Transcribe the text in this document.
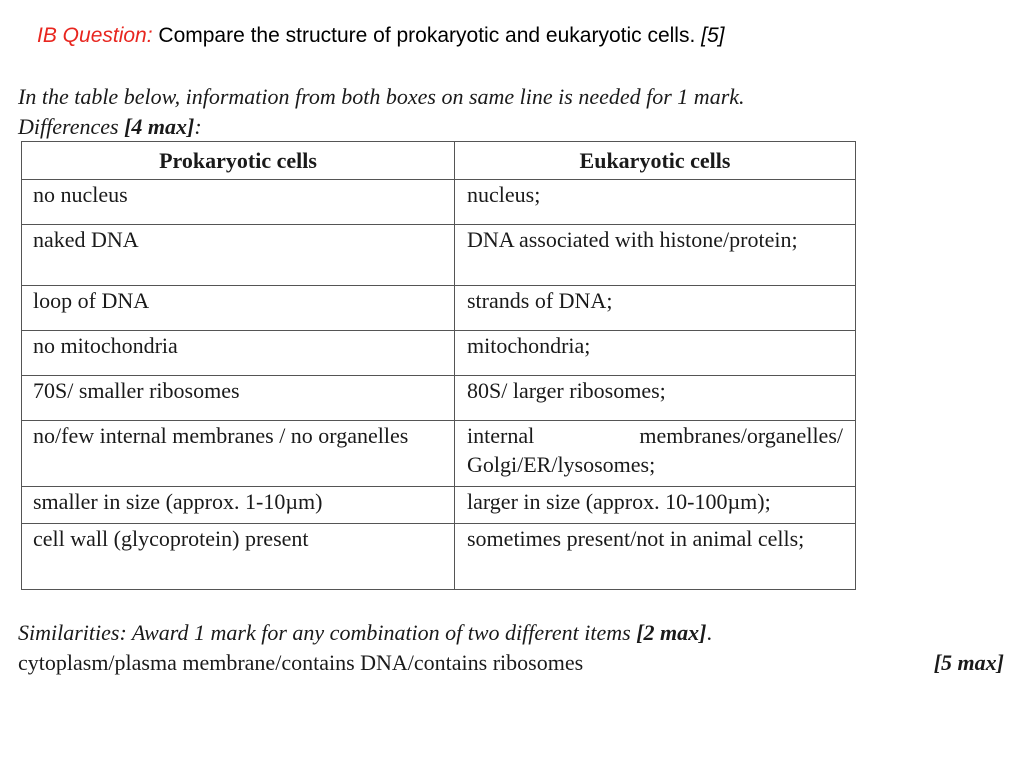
IB Question: Compare the structure of prokaryotic and eukaryotic cells. [5]
In the table below, information from both boxes on same line is needed for 1 mark.
Differences [4 max]:
Prokaryotic cells	Eukaryotic cells
no nucleus	nucleus;
naked DNA	DNA associated with histone/protein;
loop of DNA	strands of DNA;
no mitochondria	mitochondria;
70S/ smaller ribosomes	80S/ larger ribosomes;
no/few internal membranes / no organelles	internal membranes/organelles/ Golgi/ER/lysosomes;
smaller in size (approx. 1-10µm)	larger in size (approx. 10-100µm);
cell wall (glycoprotein) present	sometimes present/not in animal cells;
Similarities: Award 1 mark for any combination of two different items [2 max].
cytoplasm/plasma membrane/contains DNA/contains ribosomes	[5 max]
